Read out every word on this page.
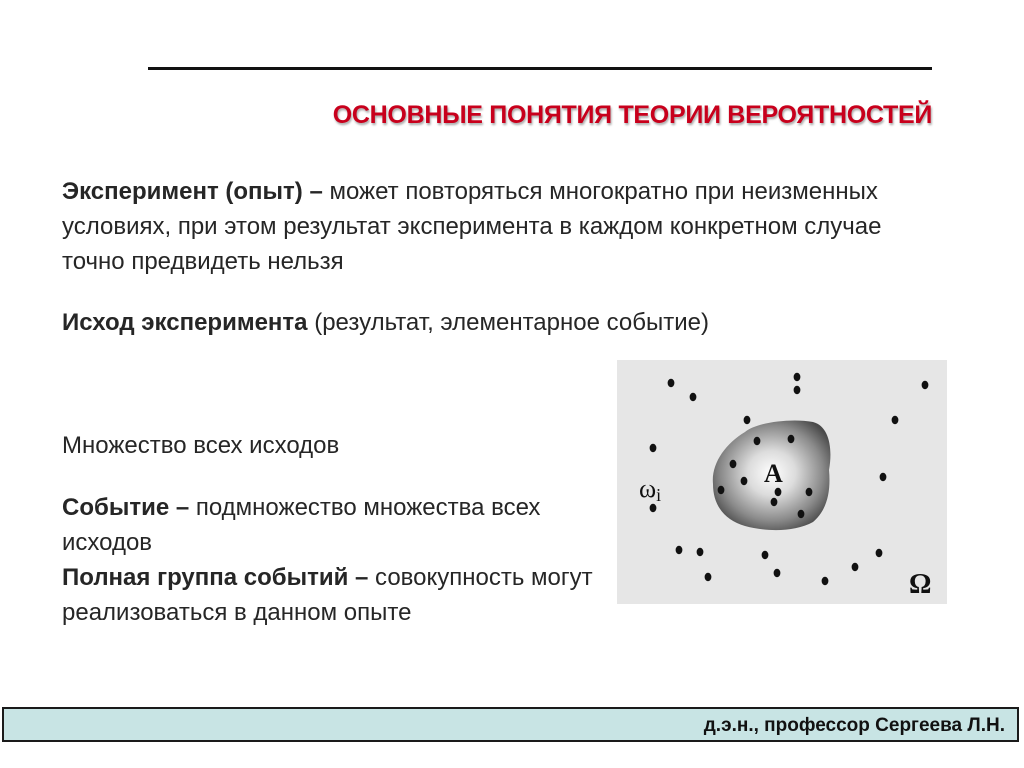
ОСНОВНЫЕ ПОНЯТИЯ ТЕОРИИ ВЕРОЯТНОСТЕЙ
Эксперимент (опыт) – может повторяться многократно при неизменных условиях, при этом результат эксперимента в каждом конкретном случае точно предвидеть нельзя
Исход эксперимента (результат, элементарное событие)
Множество всех исходов
Событие – подмножество множества всех исходов
Полная группа событий – совокупность могут реализоваться в данном опыте
A
ωi
Ω
д.э.н., профессор Сергеева Л.Н.
